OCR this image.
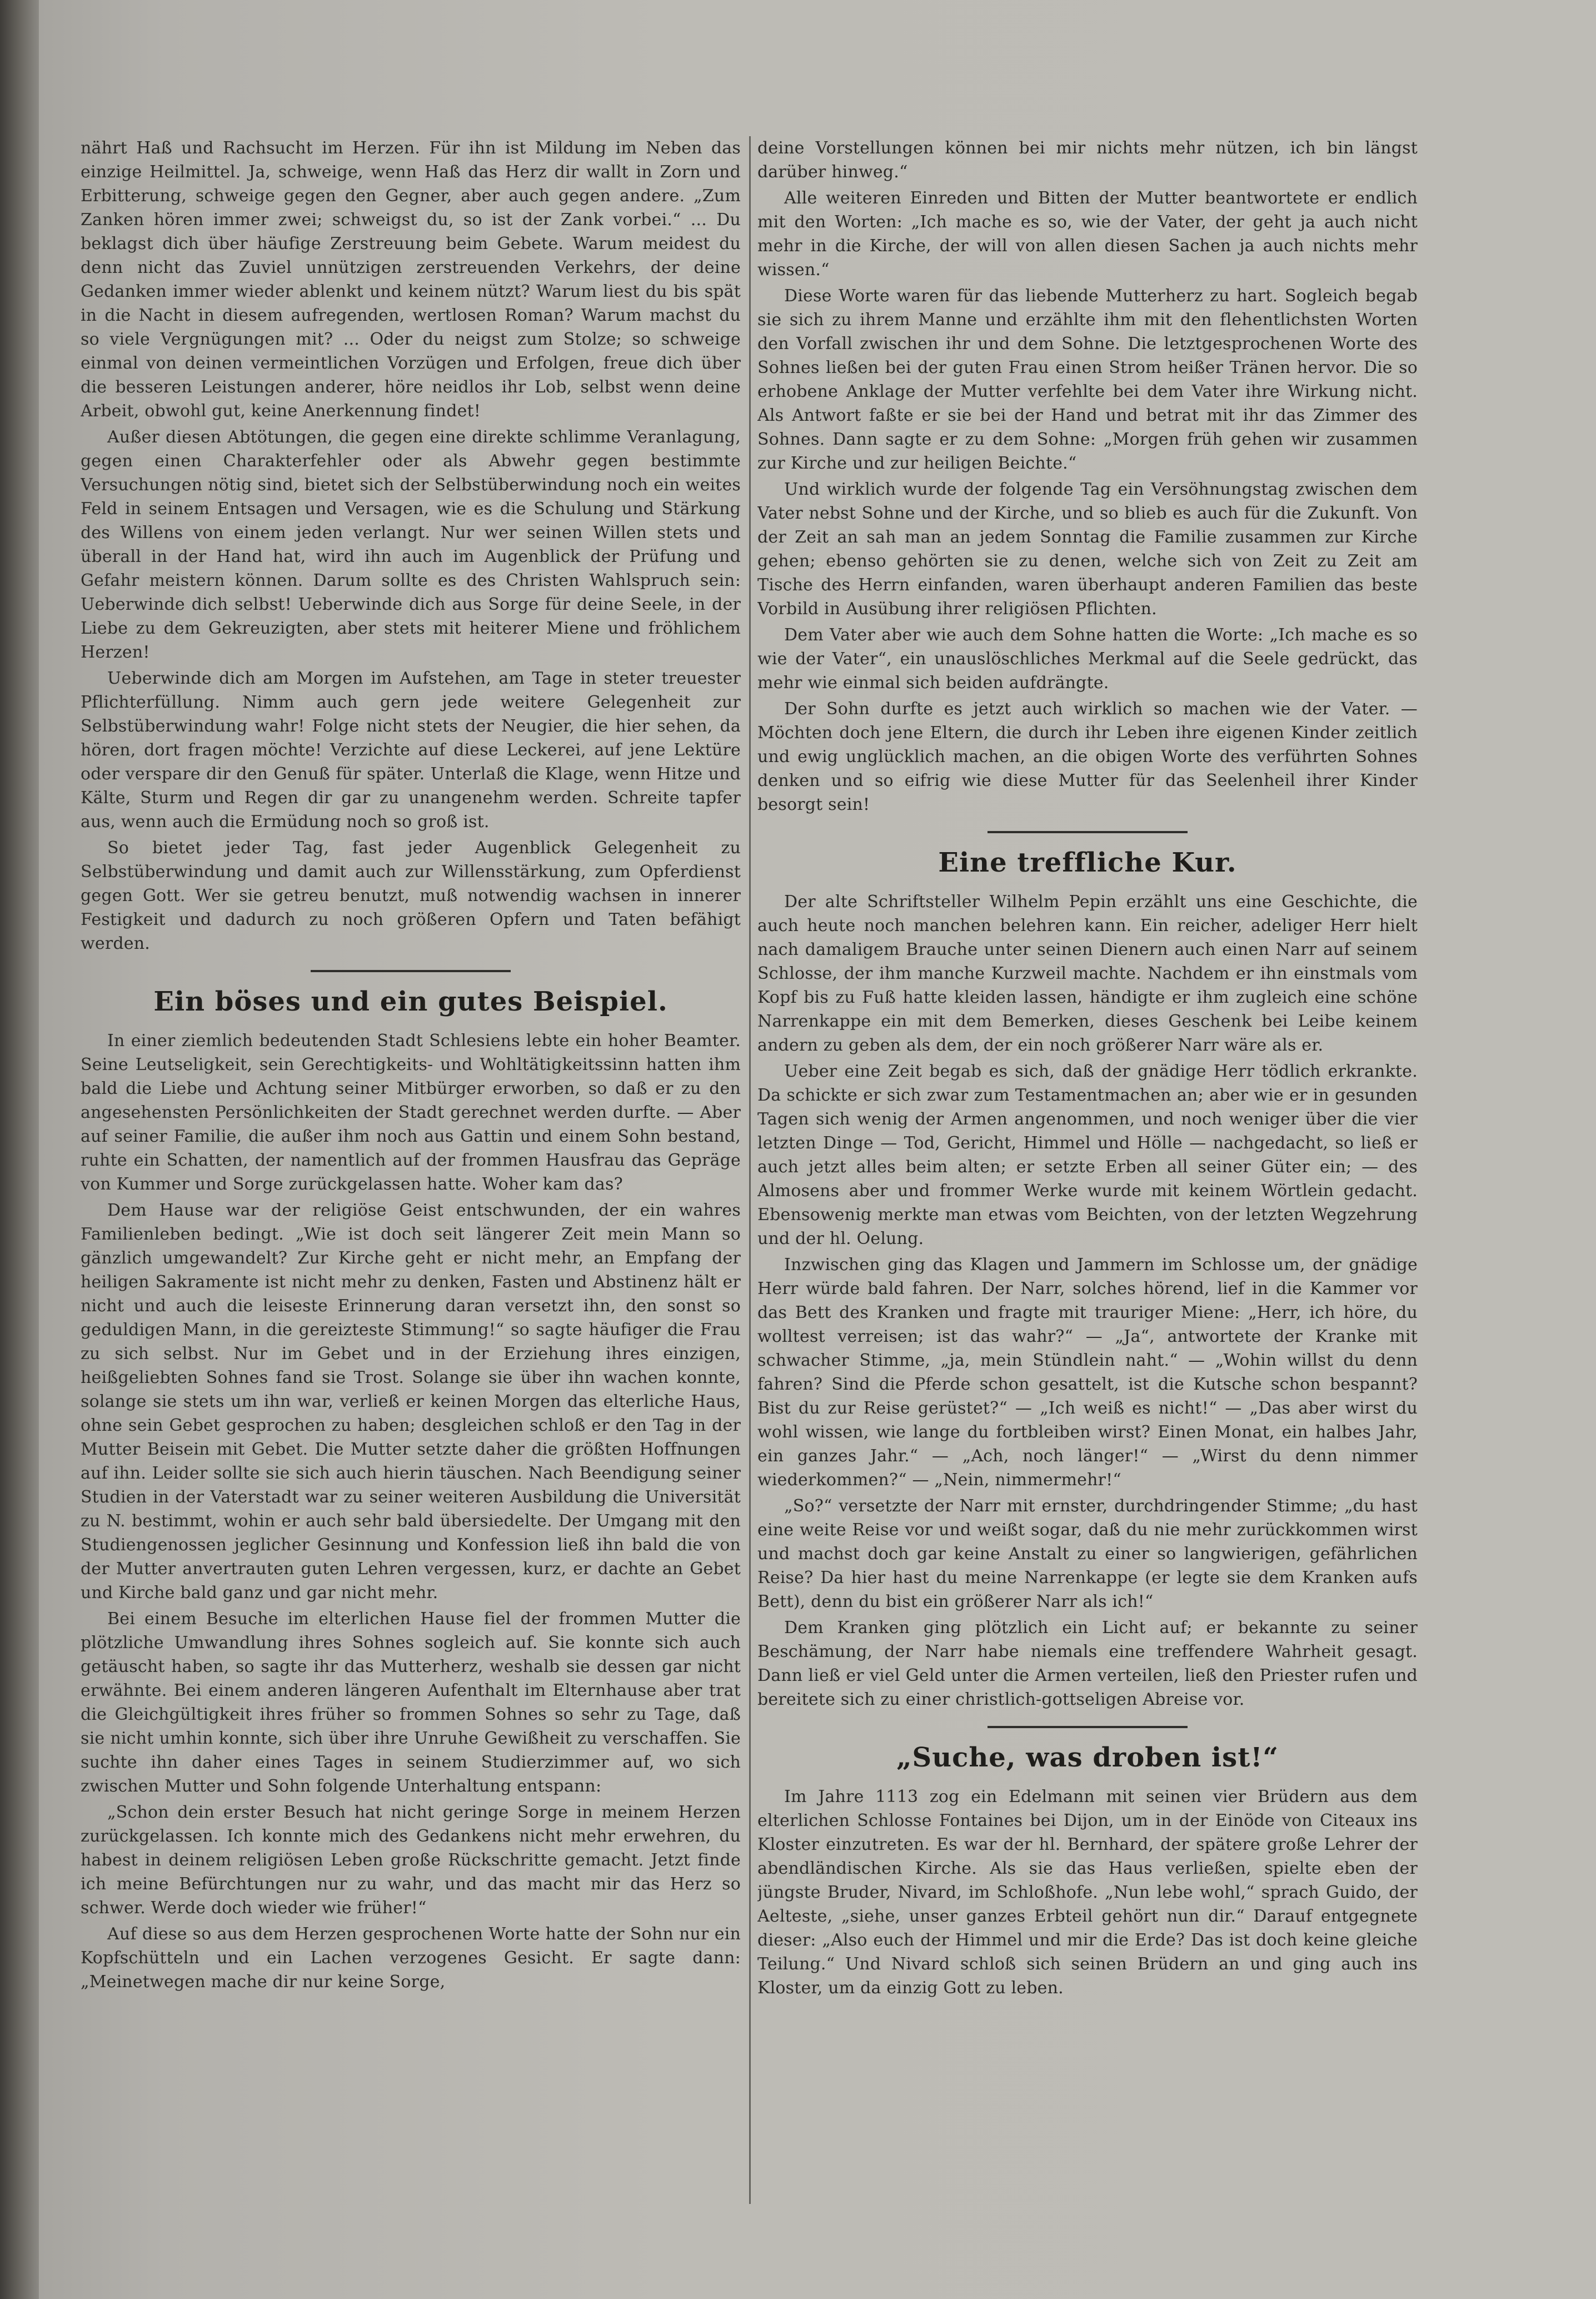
nährt Haß und Rachsucht im Herzen. Für ihn ist Mildung im Neben das einzige Heilmittel. Ja, schweige, wenn Haß das Herz dir wallt in Zorn und Erbitterung, schweige gegen den Gegner, aber auch gegen andere. „Zum Zanken hören immer zwei; schweigst du, so ist der Zank vorbei.“ ... Du beklagst dich über häufige Zerstreuung beim Gebete. Warum meidest du denn nicht das Zuviel unnützigen zerstreuenden Verkehrs, der deine Gedanken immer wieder ablenkt und keinem nützt? Warum liest du bis spät in die Nacht in diesem aufregenden, wertlosen Roman? Warum machst du so viele Vergnügungen mit? ... Oder du neigst zum Stolze; so schweige einmal von deinen vermeintlichen Vorzügen und Erfolgen, freue dich über die besseren Leistungen anderer, höre neidlos ihr Lob, selbst wenn deine Arbeit, obwohl gut, keine Anerkennung findet!

Außer diesen Abtötungen, die gegen eine direkte schlimme Veranlagung, gegen einen Charakterfehler oder als Abwehr gegen bestimmte Versuchungen nötig sind, bietet sich der Selbstüberwindung noch ein weites Feld in seinem Entsagen und Versagen, wie es die Schulung und Stärkung des Willens von einem jeden verlangt. Nur wer seinen Willen stets und überall in der Hand hat, wird ihn auch im Augenblick der Prüfung und Gefahr meistern können. Darum sollte es des Christen Wahlspruch sein: Ueberwinde dich selbst! Ueberwinde dich aus Sorge für deine Seele, in der Liebe zu dem Gekreuzigten, aber stets mit heiterer Miene und fröhlichem Herzen!

Ueberwinde dich am Morgen im Aufstehen, am Tage in steter treuester Pflichterfüllung. Nimm auch gern jede weitere Gelegenheit zur Selbstüberwindung wahr! Folge nicht stets der Neugier, die hier sehen, da hören, dort fragen möchte! Verzichte auf diese Leckerei, auf jene Lektüre oder verspare dir den Genuß für später. Unterlaß die Klage, wenn Hitze und Kälte, Sturm und Regen dir gar zu unangenehm werden. Schreite tapfer aus, wenn auch die Ermüdung noch so groß ist.

So bietet jeder Tag, fast jeder Augenblick Gelegenheit zu Selbstüberwindung und damit auch zur Willensstärkung, zum Opferdienst gegen Gott. Wer sie getreu benutzt, muß notwendig wachsen in innerer Festigkeit und dadurch zu noch größeren Opfern und Taten befähigt werden.

Ein böses und ein gutes Beispiel.

In einer ziemlich bedeutenden Stadt Schlesiens lebte ein hoher Beamter. Seine Leutseligkeit, sein Gerechtigkeits- und Wohltätigkeitssinn hatten ihm bald die Liebe und Achtung seiner Mitbürger erworben, so daß er zu den angesehensten Persönlichkeiten der Stadt gerechnet werden durfte. — Aber auf seiner Familie, die außer ihm noch aus Gattin und einem Sohn bestand, ruhte ein Schatten, der namentlich auf der frommen Hausfrau das Gepräge von Kummer und Sorge zurückgelassen hatte. Woher kam das?

Dem Hause war der religiöse Geist entschwunden, der ein wahres Familienleben bedingt. „Wie ist doch seit längerer Zeit mein Mann so gänzlich umgewandelt? Zur Kirche geht er nicht mehr, an Empfang der heiligen Sakramente ist nicht mehr zu denken, Fasten und Abstinenz hält er nicht und auch die leiseste Erinnerung daran versetzt ihn, den sonst so geduldigen Mann, in die gereizteste Stimmung!“ so sagte häufiger die Frau zu sich selbst. Nur im Gebet und in der Erziehung ihres einzigen, heißgeliebten Sohnes fand sie Trost. Solange sie über ihn wachen konnte, solange sie stets um ihn war, verließ er keinen Morgen das elterliche Haus, ohne sein Gebet gesprochen zu haben; desgleichen schloß er den Tag in der Mutter Beisein mit Gebet. Die Mutter setzte daher die größten Hoffnungen auf ihn. Leider sollte sie sich auch hierin täuschen. Nach Beendigung seiner Studien in der Vaterstadt war zu seiner weiteren Ausbildung die Universität zu N. bestimmt, wohin er auch sehr bald übersiedelte. Der Umgang mit den Studiengenossen jeglicher Gesinnung und Konfession ließ ihn bald die von der Mutter anvertrauten guten Lehren vergessen, kurz, er dachte an Gebet und Kirche bald ganz und gar nicht mehr.

Bei einem Besuche im elterlichen Hause fiel der frommen Mutter die plötzliche Umwandlung ihres Sohnes sogleich auf. Sie konnte sich auch getäuscht haben, so sagte ihr das Mutterherz, weshalb sie dessen gar nicht erwähnte. Bei einem anderen längeren Aufenthalt im Elternhause aber trat die Gleichgültigkeit ihres früher so frommen Sohnes so sehr zu Tage, daß sie nicht umhin konnte, sich über ihre Unruhe Gewißheit zu verschaffen. Sie suchte ihn daher eines Tages in seinem Studierzimmer auf, wo sich zwischen Mutter und Sohn folgende Unterhaltung entspann:

„Schon dein erster Besuch hat nicht geringe Sorge in meinem Herzen zurückgelassen. Ich konnte mich des Gedankens nicht mehr erwehren, du habest in deinem religiösen Leben große Rückschritte gemacht. Jetzt finde ich meine Befürchtungen nur zu wahr, und das macht mir das Herz so schwer. Werde doch wieder wie früher!“

Auf diese so aus dem Herzen gesprochenen Worte hatte der Sohn nur ein Kopfschütteln und ein Lachen verzogenes Gesicht. Er sagte dann: „Meinetwegen mache dir nur keine Sorge,

deine Vorstellungen können bei mir nichts mehr nützen, ich bin längst darüber hinweg.“

Alle weiteren Einreden und Bitten der Mutter beantwortete er endlich mit den Worten: „Ich mache es so, wie der Vater, der geht ja auch nicht mehr in die Kirche, der will von allen diesen Sachen ja auch nichts mehr wissen.“

Diese Worte waren für das liebende Mutterherz zu hart. Sogleich begab sie sich zu ihrem Manne und erzählte ihm mit den flehentlichsten Worten den Vorfall zwischen ihr und dem Sohne. Die letztgesprochenen Worte des Sohnes ließen bei der guten Frau einen Strom heißer Tränen hervor. Die so erhobene Anklage der Mutter verfehlte bei dem Vater ihre Wirkung nicht. Als Antwort faßte er sie bei der Hand und betrat mit ihr das Zimmer des Sohnes. Dann sagte er zu dem Sohne: „Morgen früh gehen wir zusammen zur Kirche und zur heiligen Beichte.“

Und wirklich wurde der folgende Tag ein Versöhnungstag zwischen dem Vater nebst Sohne und der Kirche, und so blieb es auch für die Zukunft. Von der Zeit an sah man an jedem Sonntag die Familie zusammen zur Kirche gehen; ebenso gehörten sie zu denen, welche sich von Zeit zu Zeit am Tische des Herrn einfanden, waren überhaupt anderen Familien das beste Vorbild in Ausübung ihrer religiösen Pflichten.

Dem Vater aber wie auch dem Sohne hatten die Worte: „Ich mache es so wie der Vater“, ein unauslöschliches Merkmal auf die Seele gedrückt, das mehr wie einmal sich beiden aufdrängte.

Der Sohn durfte es jetzt auch wirklich so machen wie der Vater. — Möchten doch jene Eltern, die durch ihr Leben ihre eigenen Kinder zeitlich und ewig unglücklich machen, an die obigen Worte des verführten Sohnes denken und so eifrig wie diese Mutter für das Seelenheil ihrer Kinder besorgt sein!

Eine treffliche Kur.

Der alte Schriftsteller Wilhelm Pepin erzählt uns eine Geschichte, die auch heute noch manchen belehren kann. Ein reicher, adeliger Herr hielt nach damaligem Brauche unter seinen Dienern auch einen Narr auf seinem Schlosse, der ihm manche Kurzweil machte. Nachdem er ihn einstmals vom Kopf bis zu Fuß hatte kleiden lassen, händigte er ihm zugleich eine schöne Narrenkappe ein mit dem Bemerken, dieses Geschenk bei Leibe keinem andern zu geben als dem, der ein noch größerer Narr wäre als er.

Ueber eine Zeit begab es sich, daß der gnädige Herr tödlich erkrankte. Da schickte er sich zwar zum Testamentmachen an; aber wie er in gesunden Tagen sich wenig der Armen angenommen, und noch weniger über die vier letzten Dinge — Tod, Gericht, Himmel und Hölle — nachgedacht, so ließ er auch jetzt alles beim alten; er setzte Erben all seiner Güter ein; — des Almosens aber und frommer Werke wurde mit keinem Wörtlein gedacht. Ebensowenig merkte man etwas vom Beichten, von der letzten Wegzehrung und der hl. Oelung.

Inzwischen ging das Klagen und Jammern im Schlosse um, der gnädige Herr würde bald fahren. Der Narr, solches hörend, lief in die Kammer vor das Bett des Kranken und fragte mit trauriger Miene: „Herr, ich höre, du wolltest verreisen; ist das wahr?“ — „Ja“, antwortete der Kranke mit schwacher Stimme, „ja, mein Stündlein naht.“ — „Wohin willst du denn fahren? Sind die Pferde schon gesattelt, ist die Kutsche schon bespannt? Bist du zur Reise gerüstet?“ — „Ich weiß es nicht!“ — „Das aber wirst du wohl wissen, wie lange du fortbleiben wirst? Einen Monat, ein halbes Jahr, ein ganzes Jahr.“ — „Ach, noch länger!“ — „Wirst du denn nimmer wiederkommen?“ — „Nein, nimmermehr!“

„So?“ versetzte der Narr mit ernster, durchdringender Stimme; „du hast eine weite Reise vor und weißt sogar, daß du nie mehr zurückkommen wirst und machst doch gar keine Anstalt zu einer so langwierigen, gefährlichen Reise? Da hier hast du meine Narrenkappe (er legte sie dem Kranken aufs Bett), denn du bist ein größerer Narr als ich!“

Dem Kranken ging plötzlich ein Licht auf; er bekannte zu seiner Beschämung, der Narr habe niemals eine treffendere Wahrheit gesagt. Dann ließ er viel Geld unter die Armen verteilen, ließ den Priester rufen und bereitete sich zu einer christlich-gottseligen Abreise vor.

„Suche, was droben ist!“

Im Jahre 1113 zog ein Edelmann mit seinen vier Brüdern aus dem elterlichen Schlosse Fontaines bei Dijon, um in der Einöde von Citeaux ins Kloster einzutreten. Es war der hl. Bernhard, der spätere große Lehrer der abendländischen Kirche. Als sie das Haus verließen, spielte eben der jüngste Bruder, Nivard, im Schloßhofe. „Nun lebe wohl,“ sprach Guido, der Aelteste, „siehe, unser ganzes Erbteil gehört nun dir.“ Darauf entgegnete dieser: „Also euch der Himmel und mir die Erde? Das ist doch keine gleiche Teilung.“ Und Nivard schloß sich seinen Brüdern an und ging auch ins Kloster, um da einzig Gott zu leben.
